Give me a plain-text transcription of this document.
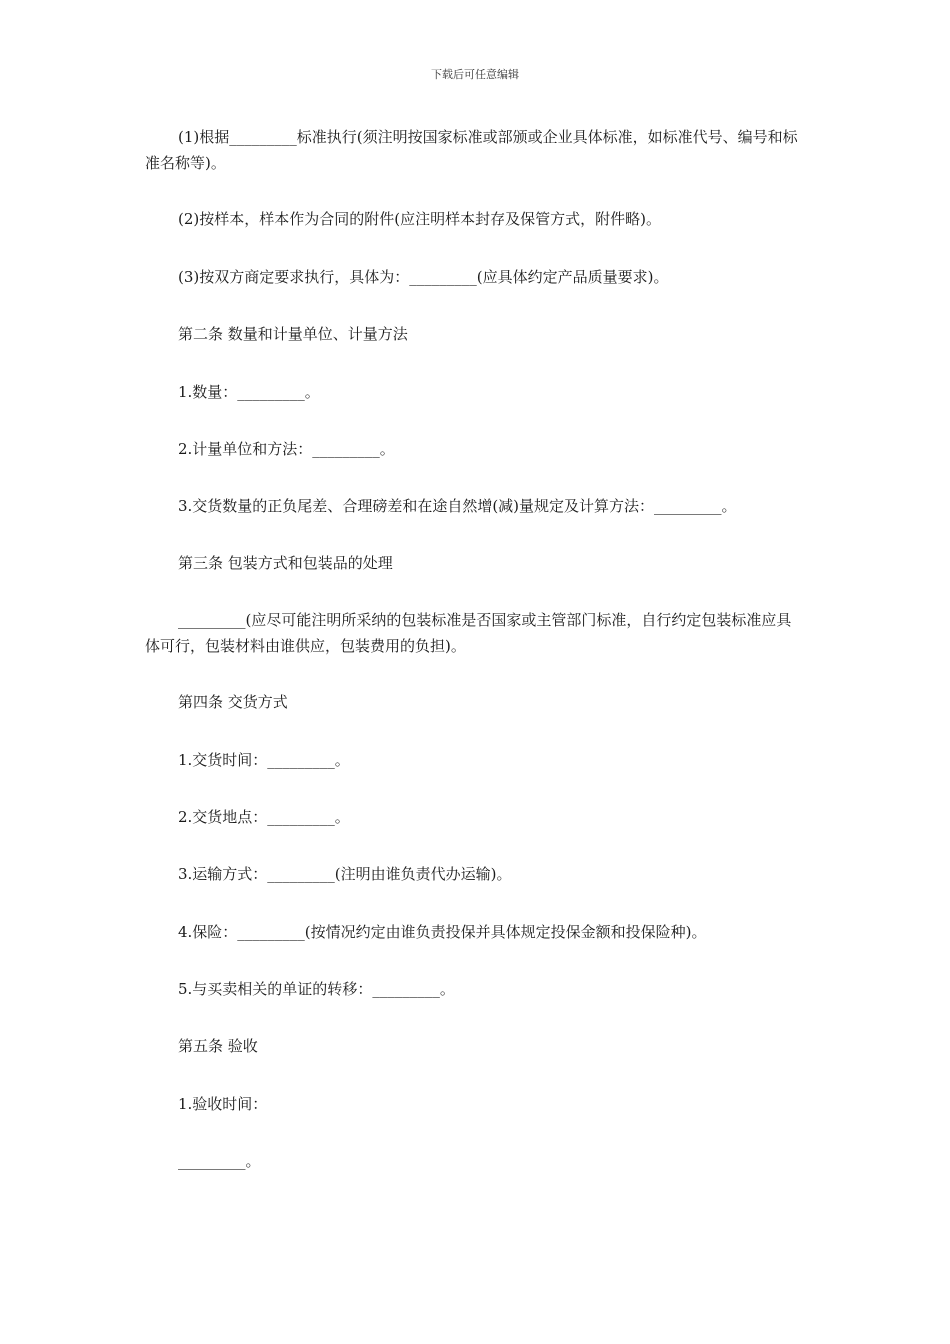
下载后可任意编辑

(1)根据_________标准执行(须注明按国家标准或部颁或企业具体标准，如标准代号、编号和标准名称等)。

(2)按样本，样本作为合同的附件(应注明样本封存及保管方式，附件略)。

(3)按双方商定要求执行，具体为：_________(应具体约定产品质量要求)。

第二条 数量和计量单位、计量方法

1.数量：_________。

2.计量单位和方法：_________。

3.交货数量的正负尾差、合理磅差和在途自然增(减)量规定及计算方法：_________。

第三条 包装方式和包装品的处理

_________(应尽可能注明所采纳的包装标准是否国家或主管部门标准，自行约定包装标准应具体可行，包装材料由谁供应，包装费用的负担)。

第四条 交货方式

1.交货时间：_________。

2.交货地点：_________。

3.运输方式：_________(注明由谁负责代办运输)。

4.保险：_________(按情况约定由谁负责投保并具体规定投保金额和投保险种)。

5.与买卖相关的单证的转移：_________。

第五条 验收

1.验收时间：

_________。
